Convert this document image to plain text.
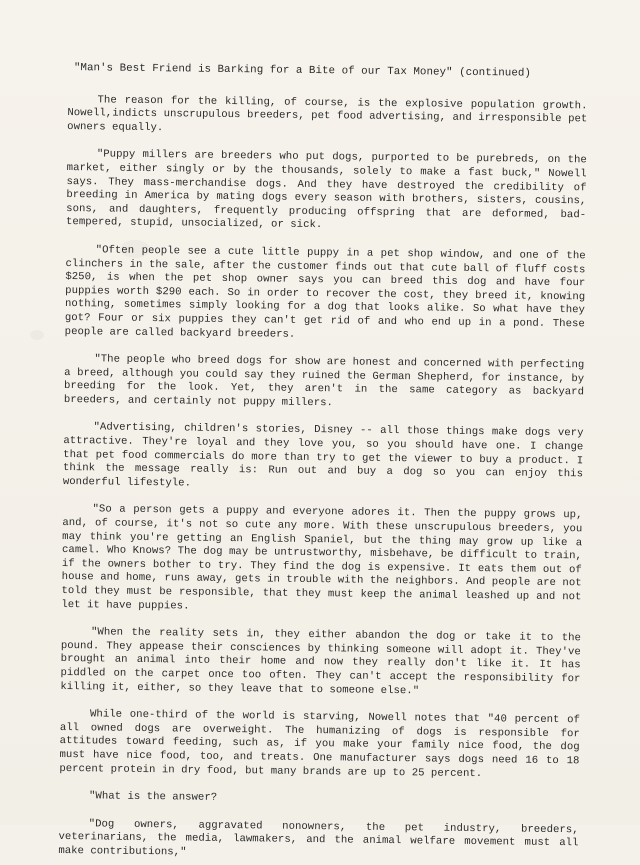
"Man's Best Friend is Barking for a Bite of our Tax Money" (continued)

The reason for the killing, of course, is the explosive population growth. Nowell,indicts unscrupulous breeders, pet food advertising, and irresponsible pet owners equally.

"Puppy millers are breeders who put dogs, purported to be purebreds, on the market, either singly or by the thousands, solely to make a fast buck," Nowell says. They mass-merchandise dogs. And they have destroyed the credibility of breeding in America by mating dogs every season with brothers, sisters, cousins, sons, and daughters, frequently producing offspring that are deformed, bad-tempered, stupid, unsocialized, or sick.

"Often people see a cute little puppy in a pet shop window, and one of the clinchers in the sale, after the customer finds out that cute ball of fluff costs $250, is when the pet shop owner says you can breed this dog and have four puppies worth $290 each. So in order to recover the cost, they breed it, knowing nothing, sometimes simply looking for a dog that looks alike. So what have they got? Four or six puppies they can't get rid of and who end up in a pond. These people are called backyard breeders.

"The people who breed dogs for show are honest and concerned with perfecting a breed, although you could say they ruined the German Shepherd, for instance, by breeding for the look. Yet, they aren't in the same category as backyard breeders, and certainly not puppy millers.

"Advertising, children's stories, Disney -- all those things make dogs very attractive. They're loyal and they love you, so you should have one. I change that pet food commercials do more than try to get the viewer to buy a product. I think the message really is: Run out and buy a dog so you can enjoy this wonderful lifestyle.

"So a person gets a puppy and everyone adores it. Then the puppy grows up, and, of course, it's not so cute any more. With these unscrupulous breeders, you may think you're getting an English Spaniel, but the thing may grow up like a camel. Who Knows? The dog may be untrustworthy, misbehave, be difficult to train, if the owners bother to try. They find the dog is expensive. It eats them out of house and home, runs away, gets in trouble with the neighbors. And people are not told they must be responsible, that they must keep the animal leashed up and not let it have puppies.

"When the reality sets in, they either abandon the dog or take it to the pound. They appease their consciences by thinking someone will adopt it. They've brought an animal into their home and now they really don't like it. It has piddled on the carpet once too often. They can't accept the responsibility for killing it, either, so they leave that to someone else."

While one-third of the world is starving, Nowell notes that "40 percent of all owned dogs are overweight. The humanizing of dogs is responsible for attitudes toward feeding, such as, if you make your family nice food, the dog must have nice food, too, and treats. One manufacturer says dogs need 16 to 18 percent protein in dry food, but many brands are up to 25 percent.

"What is the answer?

"Dog owners, aggravated nonowners, the pet industry, breeders, veterinarians, the media, lawmakers, and the animal welfare movement must all make contributions,"
